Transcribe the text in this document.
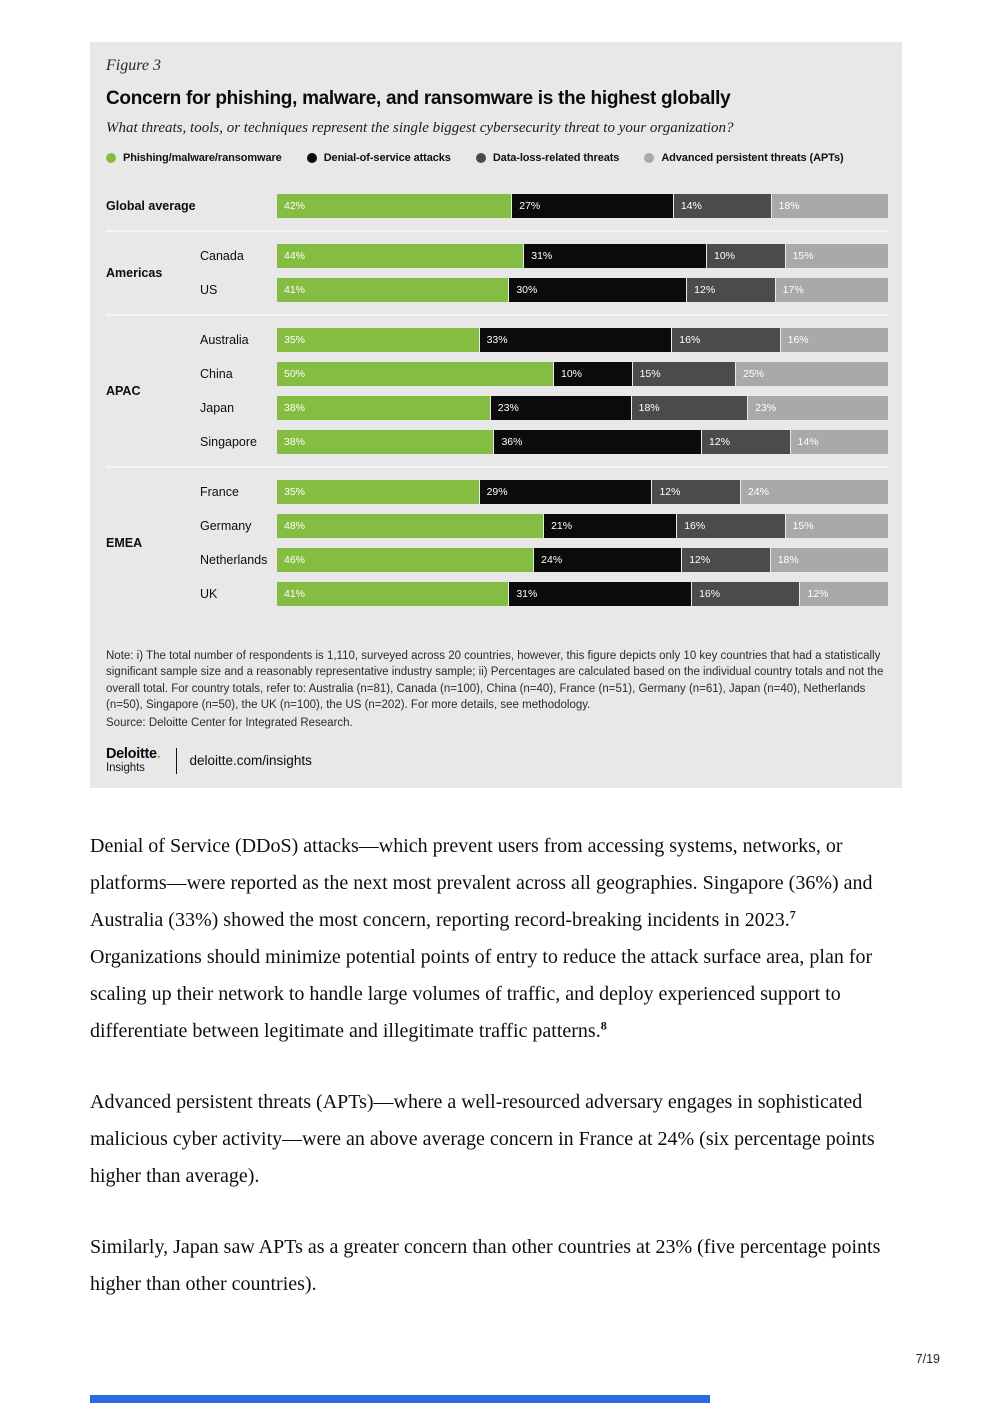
Figure 3
Concern for phishing, malware, and ransomware is the highest globally
What threats, tools, or techniques represent the single biggest cybersecurity threat to your organization?
Phishing/malware/ransomware	Denial-of-service attacks	Data-loss-related threats	Advanced persistent threats (APTs)
Global average	42%	27%	14%	18%
Americas
Canada	44%	31%	10%	15%
US	41%	30%	12%	17%
APAC
Australia	35%	33%	16%	16%
China	50%	10%	15%	25%
Japan	38%	23%	18%	23%
Singapore	38%	36%	12%	14%
EMEA
France	35%	29%	12%	24%
Germany	48%	21%	16%	15%
Netherlands	46%	24%	12%	18%
UK	41%	31%	16%	12%
Note: i) The total number of respondents is 1,110, surveyed across 20 countries, however, this figure depicts only 10 key countries that had a statistically significant sample size and a reasonably representative industry sample; ii) Percentages are calculated based on the individual country totals and not the overall total. For country totals, refer to: Australia (n=81), Canada (n=100), China (n=40), France (n=51), Germany (n=61), Japan (n=40), Netherlands (n=50), Singapore (n=50), the UK (n=100), the US (n=202). For more details, see methodology.
Source: Deloitte Center for Integrated Research.
Deloitte.
Insights
deloitte.com/insights

Denial of Service (DDoS) attacks—which prevent users from accessing systems, networks, or platforms—were reported as the next most prevalent across all geographies. Singapore (36%) and Australia (33%) showed the most concern, reporting record-breaking incidents in 2023.$^7$ Organizations should minimize potential points of entry to reduce the attack surface area, plan for scaling up their network to handle large volumes of traffic, and deploy experienced support to differentiate between legitimate and illegitimate traffic patterns.$^8$

Advanced persistent threats (APTs)—where a well-resourced adversary engages in sophisticated malicious cyber activity—were an above average concern in France at 24% (six percentage points higher than average).

Similarly, Japan saw APTs as a greater concern than other countries at 23% (five percentage points higher than other countries).

7/19
